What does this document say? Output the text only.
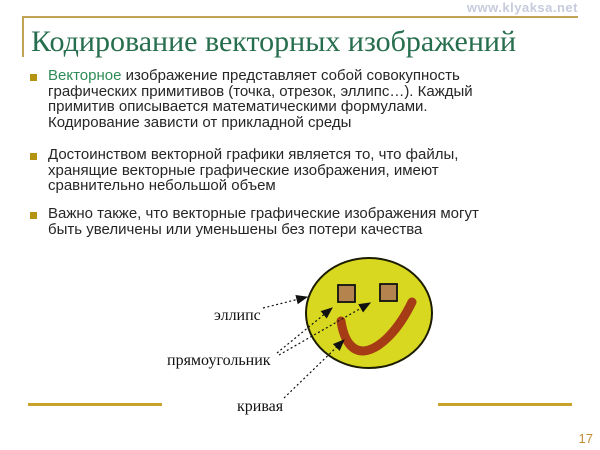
www.klyaksa.net
Кодирование векторных изображений
Векторное изображение представляет собой совокупность
графических примитивов (точка, отрезок, эллипс…). Каждый
примитив описывается математическими формулами.
Кодирование зависти от прикладной среды
Достоинством векторной графики является то, что файлы,
хранящие векторные графические изображения, имеют
сравнительно небольшой объем
Важно также, что векторные графические изображения могут
быть увеличены или уменьшены без потери качества
эллипс
прямоугольник
кривая
17
